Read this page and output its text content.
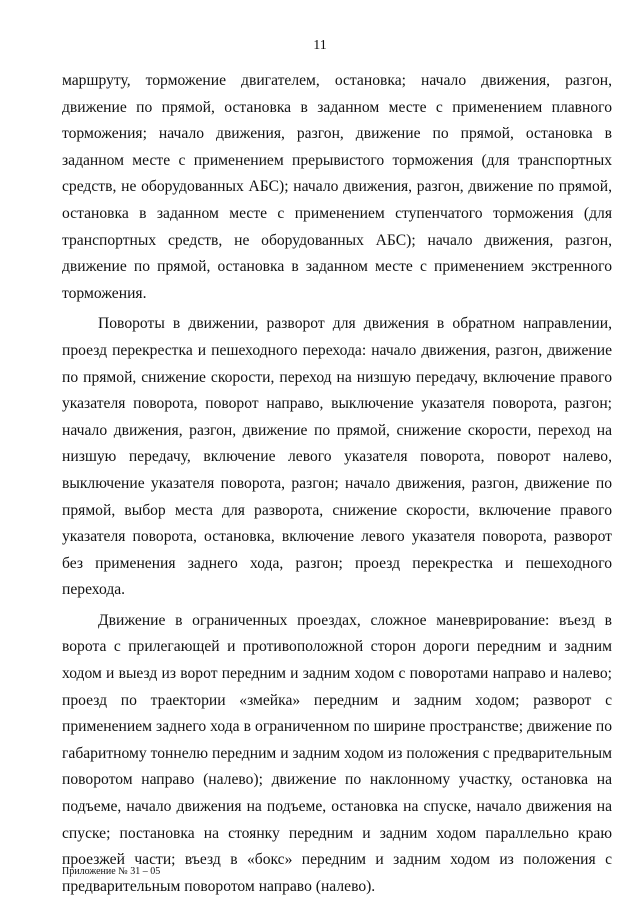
11

маршруту, торможение двигателем, остановка; начало движения, разгон, движение по прямой, остановка в заданном месте с применением плавного торможения; начало движения, разгон, движение по прямой, остановка в заданном месте с применением прерывистого торможения (для транспортных средств, не оборудованных АБС); начало движения, разгон, движение по прямой, остановка в заданном месте с применением ступенчатого торможения (для транспортных средств, не оборудованных АБС); начало движения, разгон, движение по прямой, остановка в заданном месте с применением экстренного торможения.

Повороты в движении, разворот для движения в обратном направлении, проезд перекрестка и пешеходного перехода: начало движения, разгон, движение по прямой, снижение скорости, переход на низшую передачу, включение правого указателя поворота, поворот направо, выключение указателя поворота, разгон; начало движения, разгон, движение по прямой, снижение скорости, переход на низшую передачу, включение левого указателя поворота, поворот налево, выключение указателя поворота, разгон; начало движения, разгон, движение по прямой, выбор места для разворота, снижение скорости, включение правого указателя поворота, остановка, включение левого указателя поворота, разворот без применения заднего хода, разгон; проезд перекрестка и пешеходного перехода.

Движение в ограниченных проездах, сложное маневрирование: въезд в ворота с прилегающей и противоположной сторон дороги передним и задним ходом и выезд из ворот передним и задним ходом с поворотами направо и налево; проезд по траектории «змейка» передним и задним ходом; разворот с применением заднего хода в ограниченном по ширине пространстве; движение по габаритному тоннелю передним и задним ходом из положения с предварительным поворотом направо (налево); движение по наклонному участку, остановка на подъеме, начало движения на подъеме, остановка на спуске, начало движения на спуске; постановка на стоянку передним и задним ходом параллельно краю проезжей части; въезд в «бокс» передним и задним ходом из положения с предварительным поворотом направо (налево).

Приложение № 31 – 05
